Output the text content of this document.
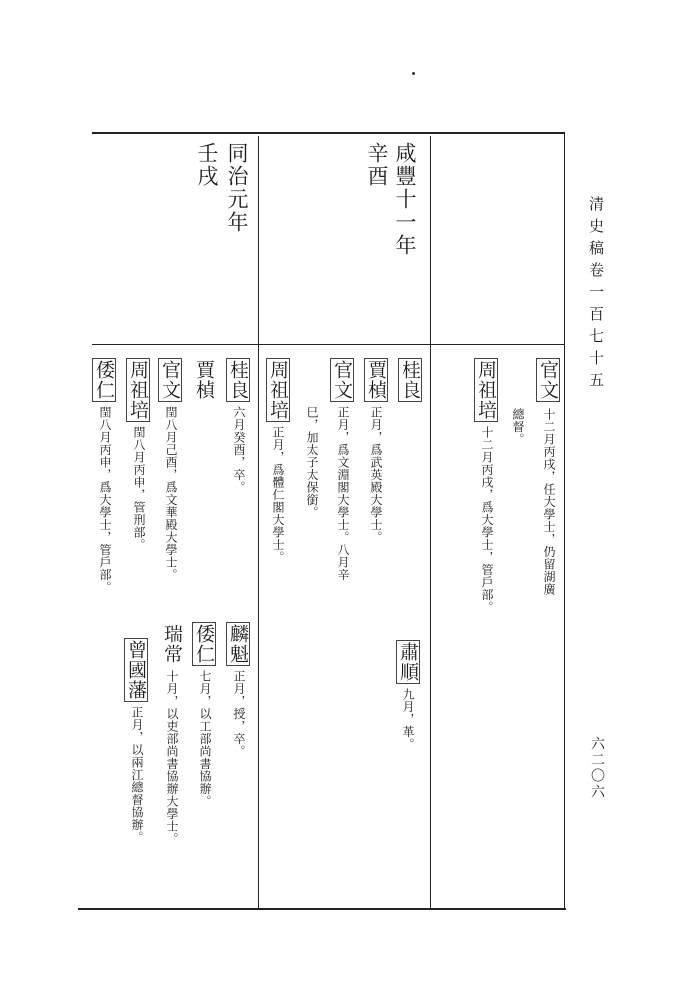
清史稿卷一百七十五
六二〇六
咸豐十一年
辛酉
同治元年
壬戌
官文
十二月丙戌，任大學士，仍留湖廣
總督。
周祖培
十二月丙戌，爲大學士，管戶部。
肅順
九月，革。
桂良
賈楨
正月，爲武英殿大學士。
官文
正月，爲文淵閣大學士。八月辛
巳，加太子太保銜。
周祖培
正月，爲體仁閣大學士。
麟魁
正月，授，卒。
倭仁
七月，以工部尚書協辦。
瑞常
十月，以吏部尚書協辦大學士。
曾國藩
正月，以兩江總督協辦。
桂良
六月癸酉，卒。
賈楨
官文
閏八月己酉，爲文華殿大學士。
周祖培
閏八月丙申，管刑部。
倭仁
閏八月丙申，爲大學士，管戶部。
